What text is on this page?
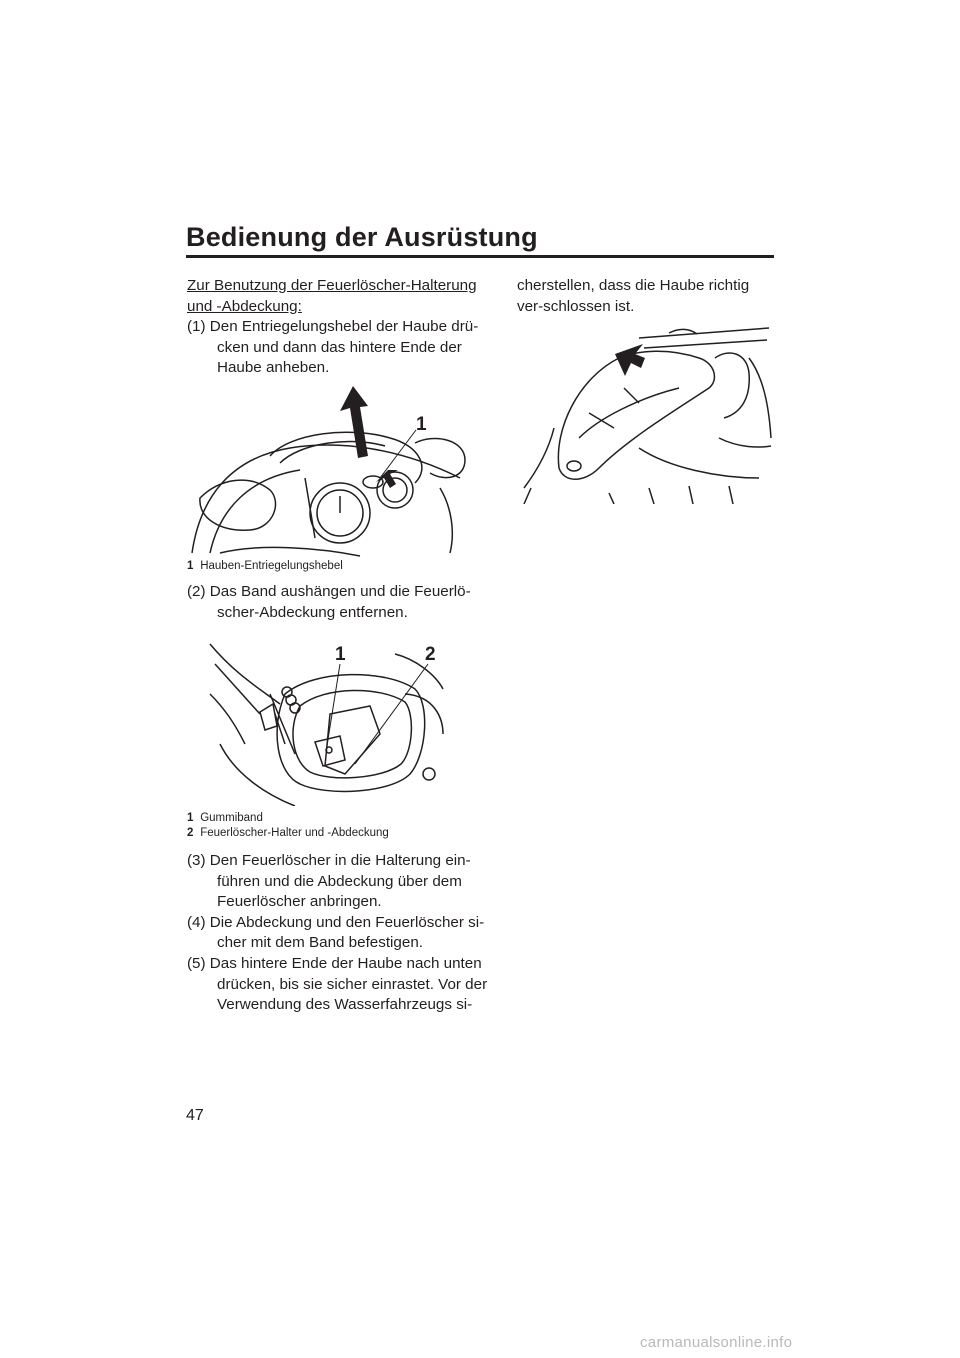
Bedienung der Ausrüstung
Zur Benutzung der Feuerlöscher-Halterung
und -Abdeckung:
(1) Den Entriegelungshebel der Haube drü-cken und dann das hintere Ende der Haube anheben.
1
1 Hauben-Entriegelungshebel
(2) Das Band aushängen und die Feuerlö-scher-Abdeckung entfernen.
1	2
1 Gummiband
2 Feuerlöscher-Halter und -Abdeckung
(3) Den Feuerlöscher in die Halterung ein-führen und die Abdeckung über dem Feuerlöscher anbringen.
(4) Die Abdeckung und den Feuerlöscher si-cher mit dem Band befestigen.
(5) Das hintere Ende der Haube nach unten drücken, bis sie sicher einrastet. Vor der Verwendung des Wasserfahrzeugs si-
cherstellen, dass die Haube richtig ver-schlossen ist.
47
carmanualsonline.info
